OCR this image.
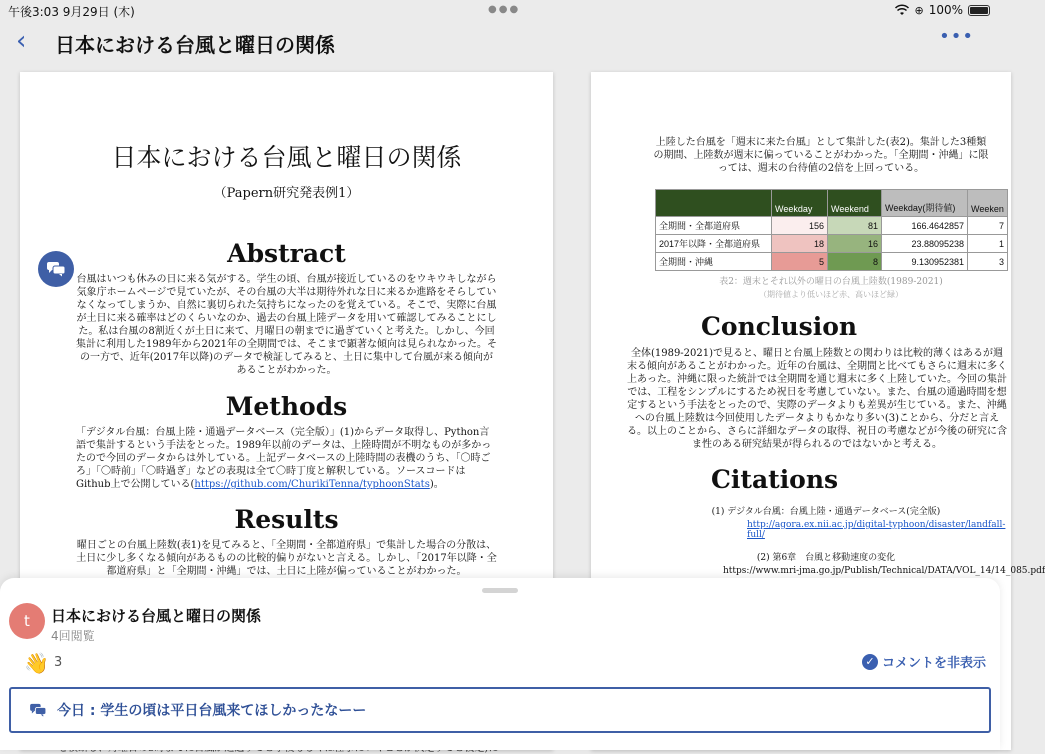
午後3:03 9月29日 (木)	●●●	⊕ 100%
‹ 日本における台風と曜日の関係	•••
日本における台風と曜日の関係
（Papern研究発表例1）
Abstract
台風はいつも休みの日に来る気がする。学生の頃、台風が接近しているのをウキウキしながら気象庁ホームページで見ていたが、その台風の大半は期待外れな日に来るか進路をそらしていなくなってしまうか、自然に裏切られた気持ちになったのを覚えている。そこで、実際に台風が土日に来る確率はどのくらいなのか、過去の台風上陸データを用いて確認してみることにした。私は台風の8割近くが土日に来て、月曜日の朝までに過ぎていくと考えた。しかし、今回集計に利用した1989年から2021年の全期間では、そこまで顕著な傾向は見られなかった。その一方で、近年(2017年以降)のデータで検証してみると、土日に集中して台風が来る傾向があることがわかった。
Methods
「デジタル台風：台風上陸・通過データベース（完全版）」(1)からデータ取得し、Python言語で集計するという手法をとった。1989年以前のデータは、上陸時間が不明なものが多かったので今回のデータからは外している。上記データベースの上陸時間の表機のうち、「〇時ごろ」「〇時前」「〇時過ぎ」などの表現は全て〇時丁度と解釈している。ソースコードはGithub上で公開している(https://github.com/ChurikiTenna/typhoonStats)。
Results
曜日ごとの台風上陸数(表1)を見てみると、「全期間・全都道府県」で集計した場合の分散は、土日に少し多くなる傾向があるものの比較的偏りがないと言える。しかし、「2017年以降・全都道府県」と「全期間・沖縄」では、土日に上陸が偏っていることがわかった。
上陸した台風を「週末に来た台風」として集計した(表2)。集計した3種類の期間、上陸数が週末に偏っていることがわかった。「全期間・沖縄」に限っては、週末の台待値の2倍を上回っている。
	Weekday	Weekend	Weekday(期待値)	Weeken
全期間・全都道府県	156	81	166.4642857	7
2017年以降・全都道府県	18	16	23.88095238	1
全期間・沖縄	5	8	9.130952381	3
表2：週末とそれ以外の曜日の台風上陸数(1989-2021)
（期待値より低いほど赤、高いほど緑）
Conclusion
全体(1989-2021)で見ると、曜日と台風上陸数との関わりは比較的薄くはあるが週末る傾向があることがわかった。近年の台風は、全期間と比べてもさらに週末に多く上あった。沖縄に限った統計では全期間を通じ週末に多く上陸していた。今回の集計では、工程をシンプルにするため祝日を考慮していない。また、台風の通過時間を想定するという手法をとったので、実際のデータよりも差異が生じている。また、沖縄への台風上陸数は今回使用したデータよりもかなり多い(3)ことから、分だと言える。以上のことから、さらに詳細なデータの取得、祝日の考慮などが今後の研究に含ま性のある研究結果が得られるのではないかと考える。
Citations
(1) デジタル台風：台風上陸・通過データベース(完全版)
http://agora.ex.nii.ac.jp/digital-typhoon/disaster/landfall-full/
(2) 第6章　台風と移動速度の変化
https://www.mri-jma.go.jp/Publish/Technical/DATA/VOL_14/14_085.pdf
t	日本における台風と曜日の関係
4回閲覧
👋 3	✓ コメントを非表示
今日 : 学生の頃は平日台風来てほしかったなーー
